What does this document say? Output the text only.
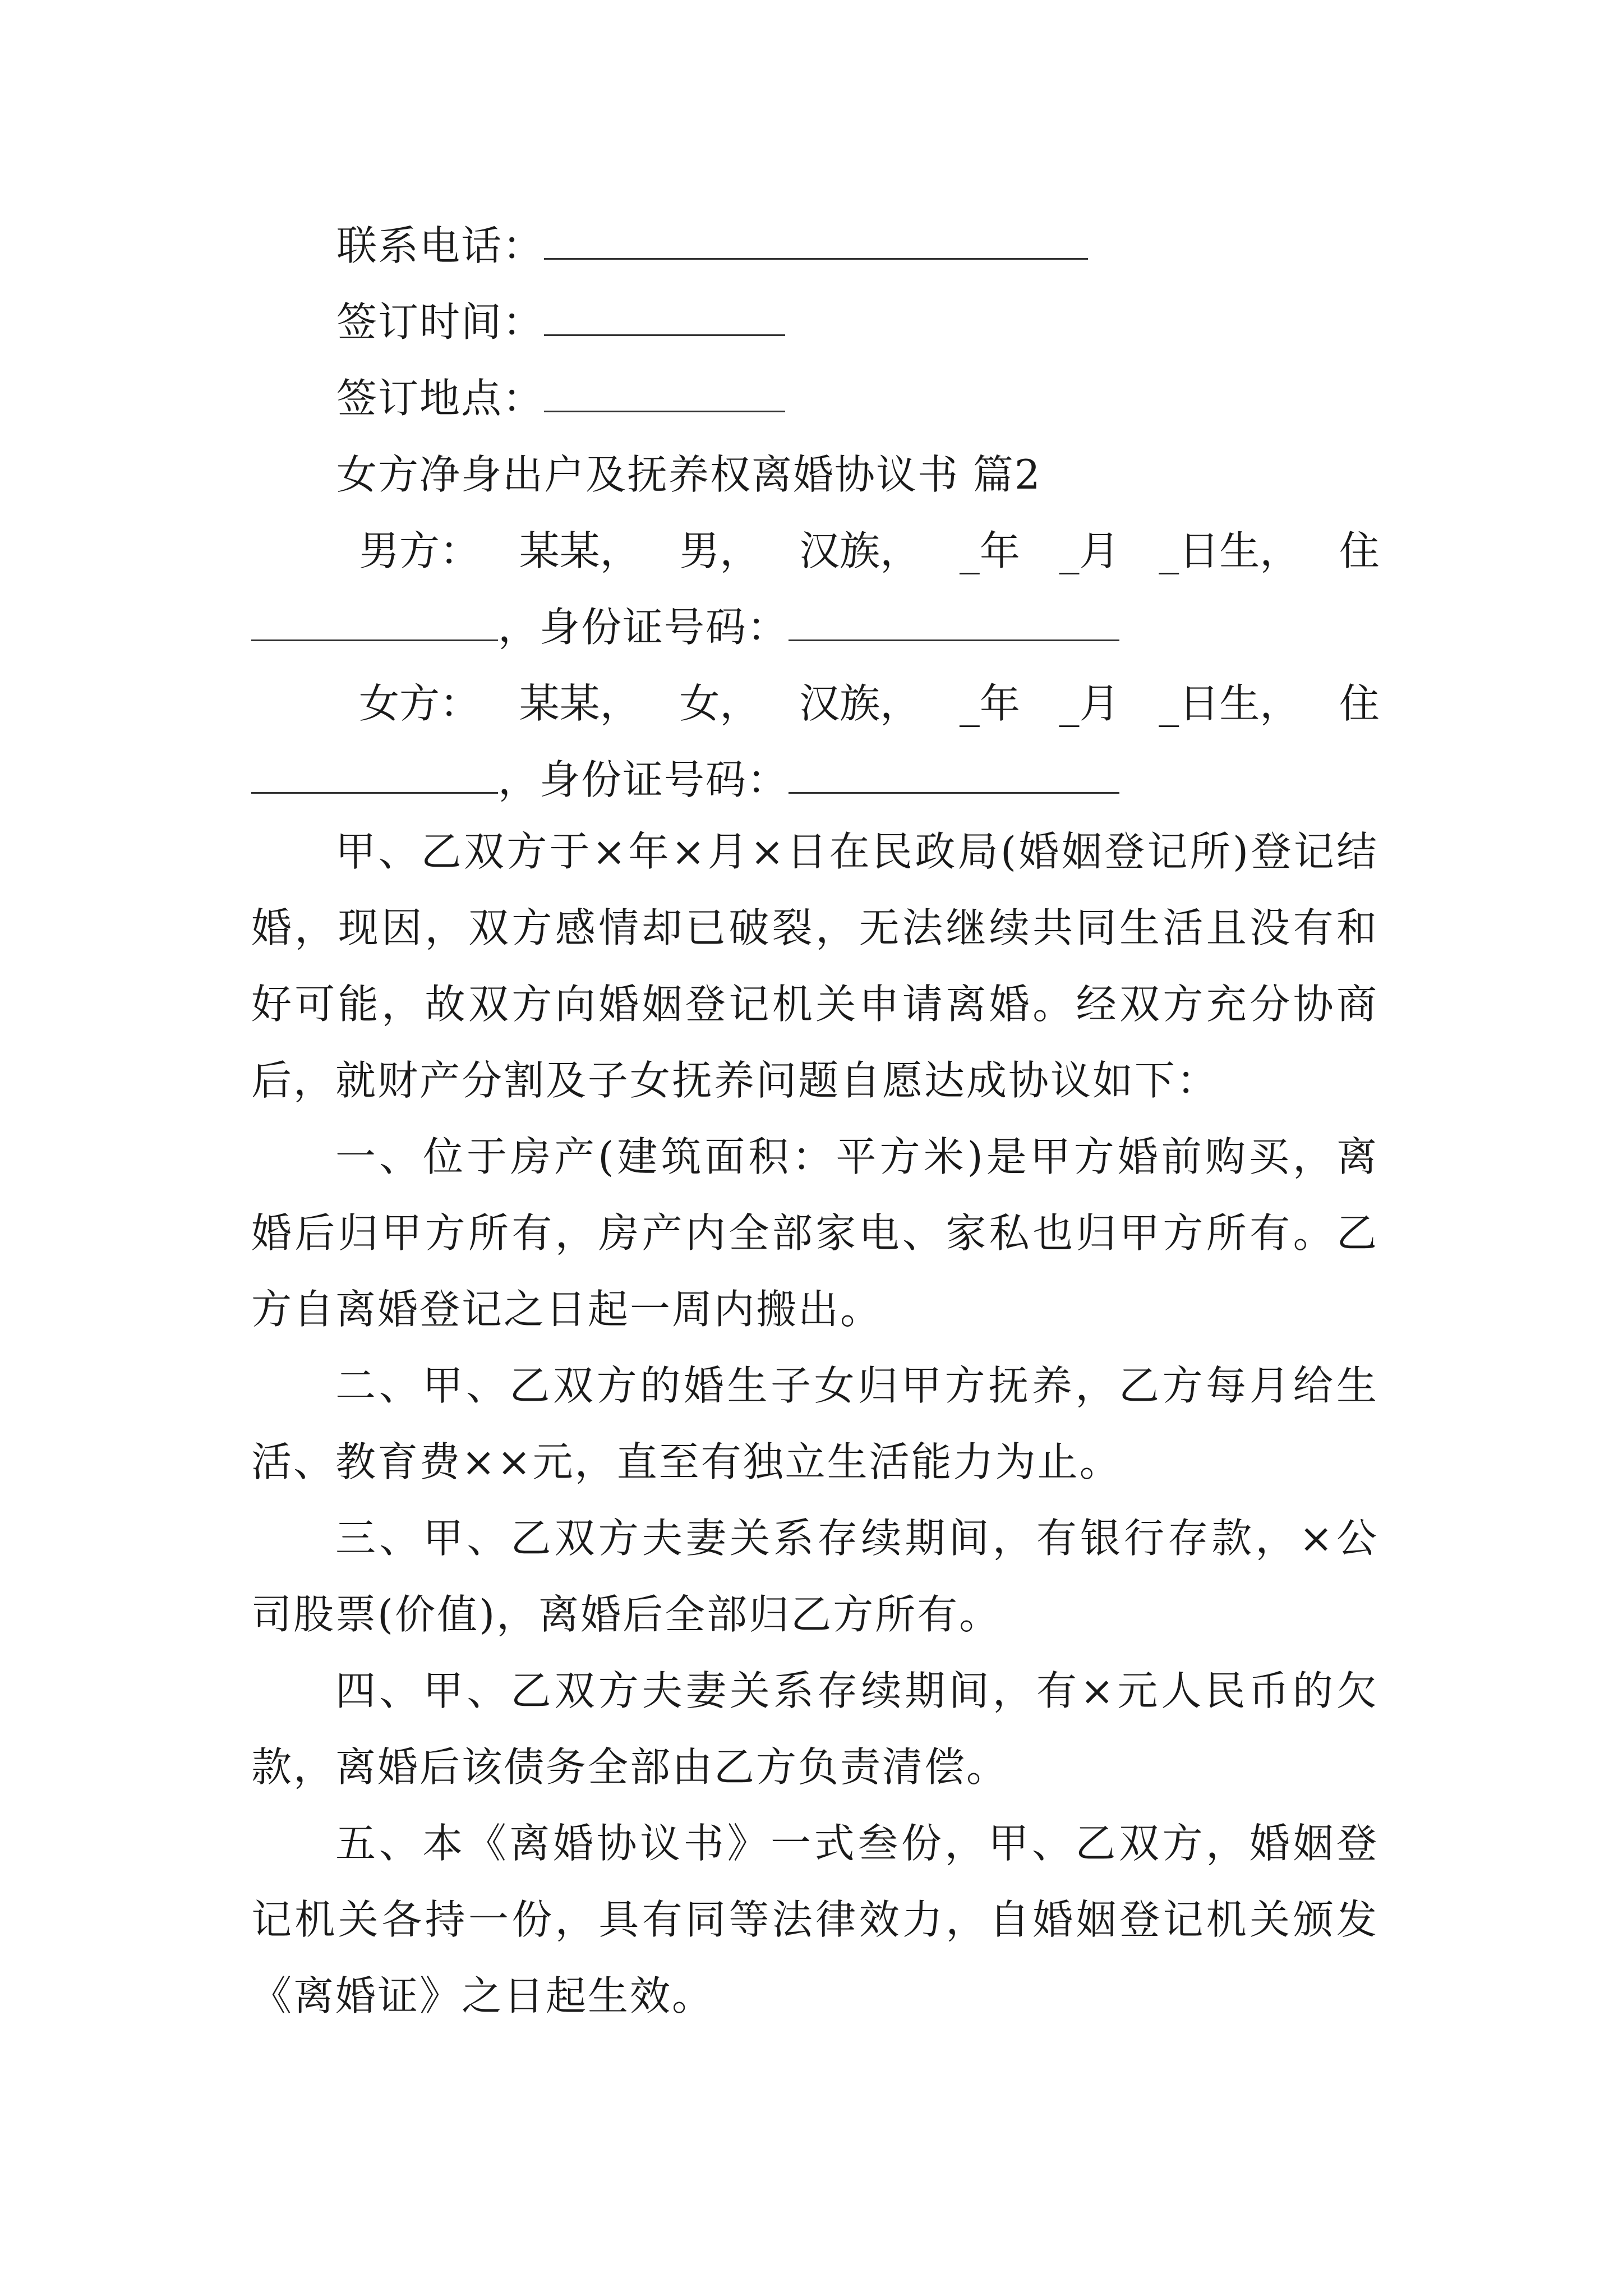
联系电话：
签订时间：
签订地点：
女方净身出户及抚养权离婚协议书 篇2
男方： 某某， 男， 汉族， _年 _月 _日生， 住
，身份证号码：
女方： 某某， 女， 汉族， _年 _月 _日生， 住
，身份证号码：

甲、乙双方于×年×月×日在民政局(婚姻登记所)登记结婚，现因，双方感情却已破裂，无法继续共同生活且没有和好可能，故双方向婚姻登记机关申请离婚。经双方充分协商后，就财产分割及子女抚养问题自愿达成协议如下：

一、位于房产(建筑面积：平方米)是甲方婚前购买，离婚后归甲方所有，房产内全部家电、家私也归甲方所有。乙方自离婚登记之日起一周内搬出。

二、甲、乙双方的婚生子女归甲方抚养，乙方每月给生活、教育费××元，直至有独立生活能力为止。

三、甲、乙双方夫妻关系存续期间，有银行存款，×公司股票(价值)，离婚后全部归乙方所有。

四、甲、乙双方夫妻关系存续期间，有×元人民币的欠款，离婚后该债务全部由乙方负责清偿。

五、本《离婚协议书》一式叁份，甲、乙双方，婚姻登记机关各持一份，具有同等法律效力，自婚姻登记机关颁发《离婚证》之日起生效。
